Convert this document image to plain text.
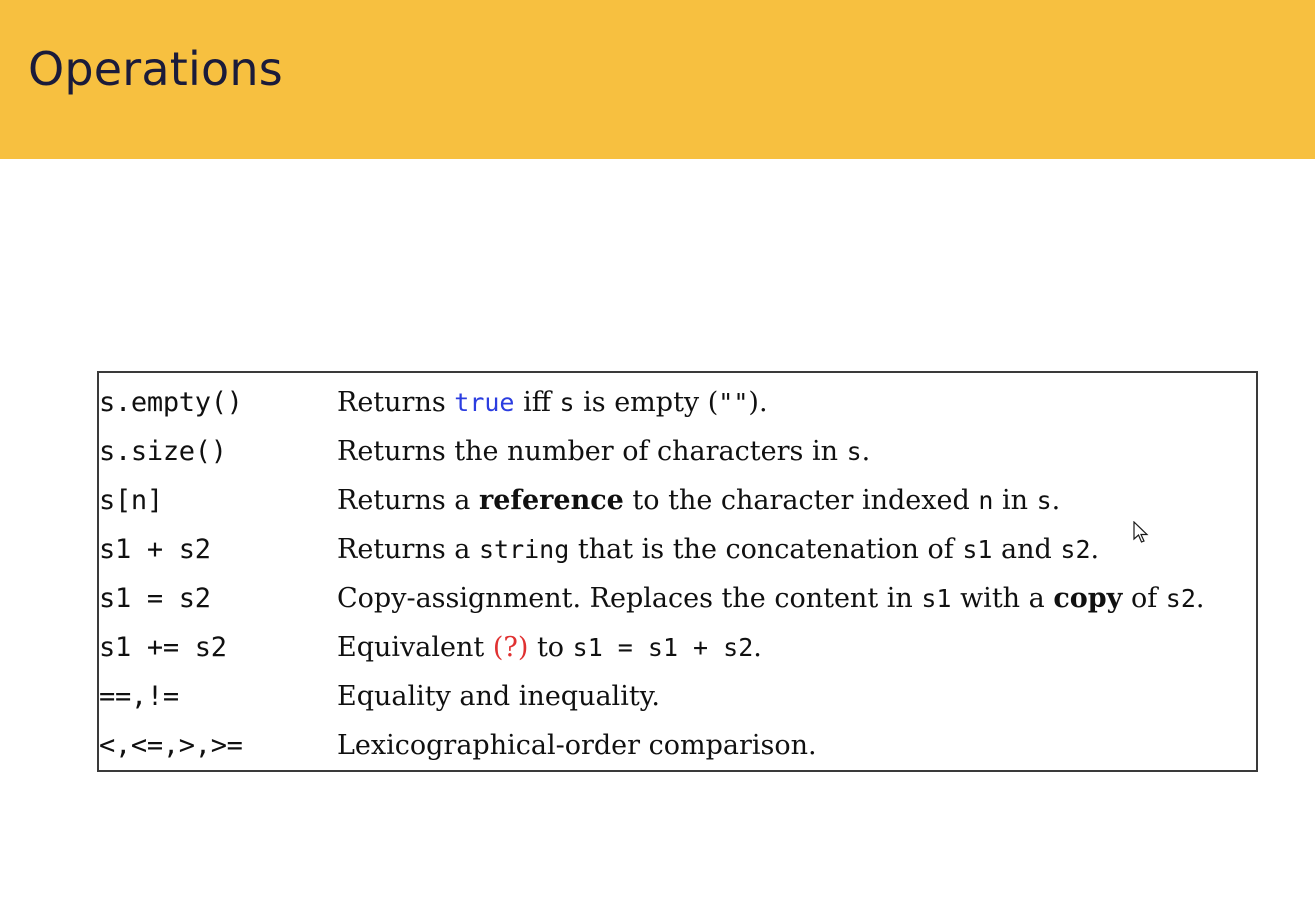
Operations
s.empty()	Returns true iff s is empty ("").
s.size()	Returns the number of characters in s.
s[n]	Returns a reference to the character indexed n in s.
s1 + s2	Returns a string that is the concatenation of s1 and s2.
s1 = s2	Copy-assignment. Replaces the content in s1 with a copy of s2.
s1 += s2	Equivalent (?) to s1 = s1 + s2.
==,!=	Equality and inequality.
<,<=,>,>=	Lexicographical-order comparison.
